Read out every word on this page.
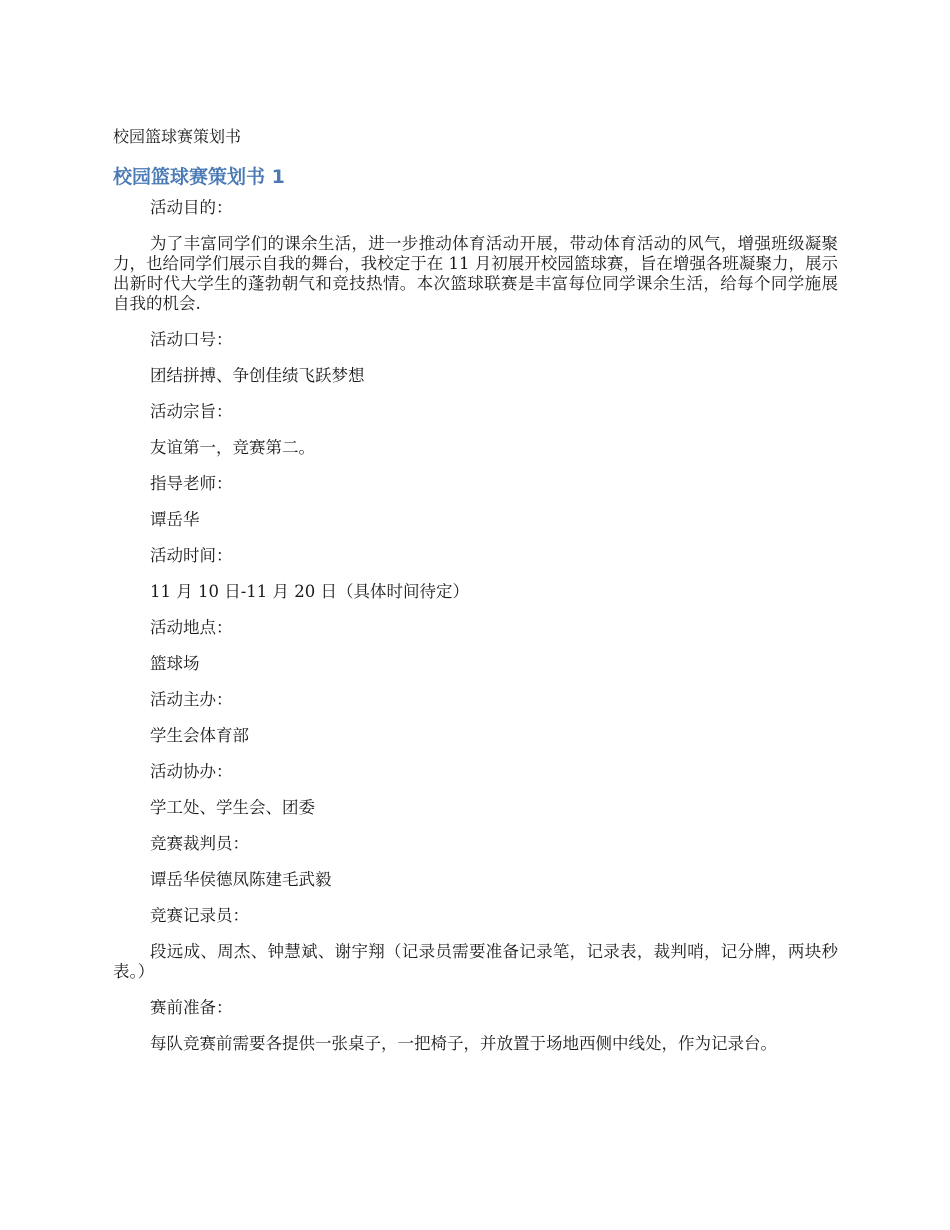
校园篮球赛策划书
校园篮球赛策划书 1

活动目的：

为了丰富同学们的课余生活，进一步推动体育活动开展，带动体育活动的风气，增强班级凝聚力，也给同学们展示自我的舞台，我校定于在 11 月初展开校园篮球赛，旨在增强各班凝聚力，展示出新时代大学生的蓬勃朝气和竞技热情。本次篮球联赛是丰富每位同学课余生活，给每个同学施展自我的机会.

活动口号：

团结拼搏、争创佳绩飞跃梦想

活动宗旨：

友谊第一，竞赛第二。

指导老师：

谭岳华

活动时间：

11 月 10 日-11 月 20 日（具体时间待定）

活动地点：

篮球场

活动主办：

学生会体育部

活动协办：

学工处、学生会、团委

竞赛裁判员：

谭岳华侯德凤陈建毛武毅

竞赛记录员：

段远成、周杰、钟慧斌、谢宇翔（记录员需要准备记录笔，记录表，裁判哨，记分牌，两块秒表。）

赛前准备：

每队竞赛前需要各提供一张桌子，一把椅子，并放置于场地西侧中线处，作为记录台。
